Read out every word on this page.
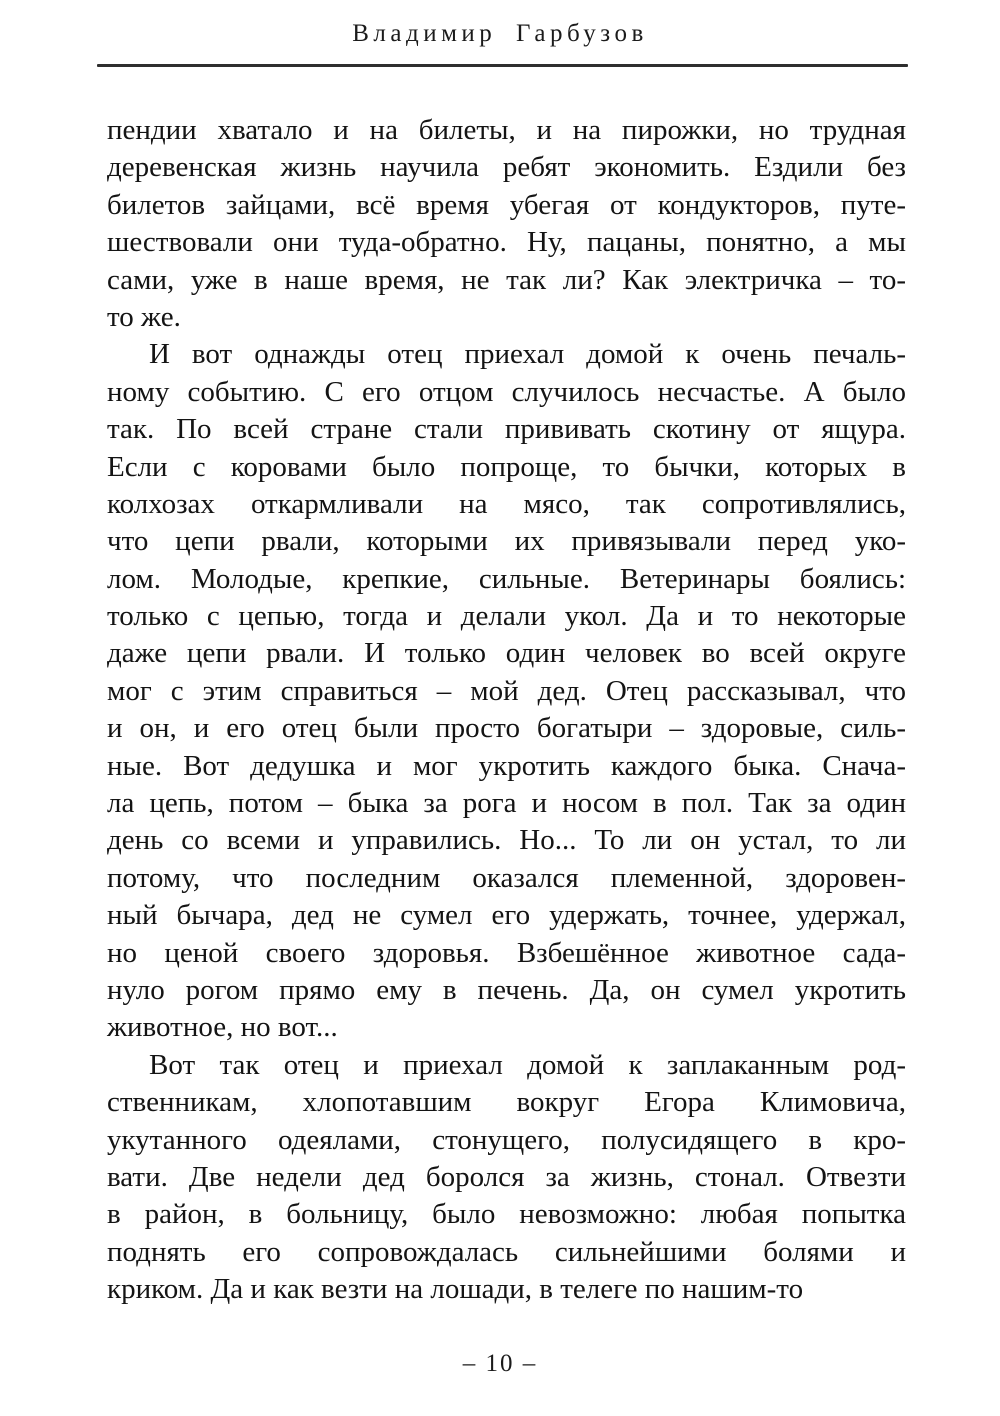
Владимир Гарбузов
пендии хватало и на билеты, и на пирожки, но трудная
деревенская жизнь научила ребят экономить. Ездили без
билетов зайцами, всё время убегая от кондукторов, путе-
шествовали они туда-обратно. Ну, пацаны, понятно, а мы
сами, уже в наше время, не так ли? Как электричка – то-
то же.
И вот однажды отец приехал домой к очень печаль-
ному событию. С его отцом случилось несчастье. А было
так. По всей стране стали прививать скотину от ящура.
Если с коровами было попроще, то бычки, которых в
колхозах откармливали на мясо, так сопротивлялись,
что цепи рвали, которыми их привязывали перед уко-
лом. Молодые, крепкие, сильные. Ветеринары боялись:
только с цепью, тогда и делали укол. Да и то некоторые
даже цепи рвали. И только один человек во всей округе
мог с этим справиться – мой дед. Отец рассказывал, что
и он, и его отец были просто богатыри – здоровые, силь-
ные. Вот дедушка и мог укротить каждого быка. Снача-
ла цепь, потом – быка за рога и носом в пол. Так за один
день со всеми и управились. Но... То ли он устал, то ли
потому, что последним оказался племенной, здоровен-
ный бычара, дед не сумел его удержать, точнее, удержал,
но ценой своего здоровья. Взбешённое животное сада-
нуло рогом прямо ему в печень. Да, он сумел укротить
животное, но вот...
Вот так отец и приехал домой к заплаканным род-
ственникам, хлопотавшим вокруг Егора Климовича,
укутанного одеялами, стонущего, полусидящего в кро-
вати. Две недели дед боролся за жизнь, стонал. Отвезти
в район, в больницу, было невозможно: любая попытка
поднять его сопровождалась сильнейшими болями и
криком. Да и как везти на лошади, в телеге по нашим-то
– 10 –
